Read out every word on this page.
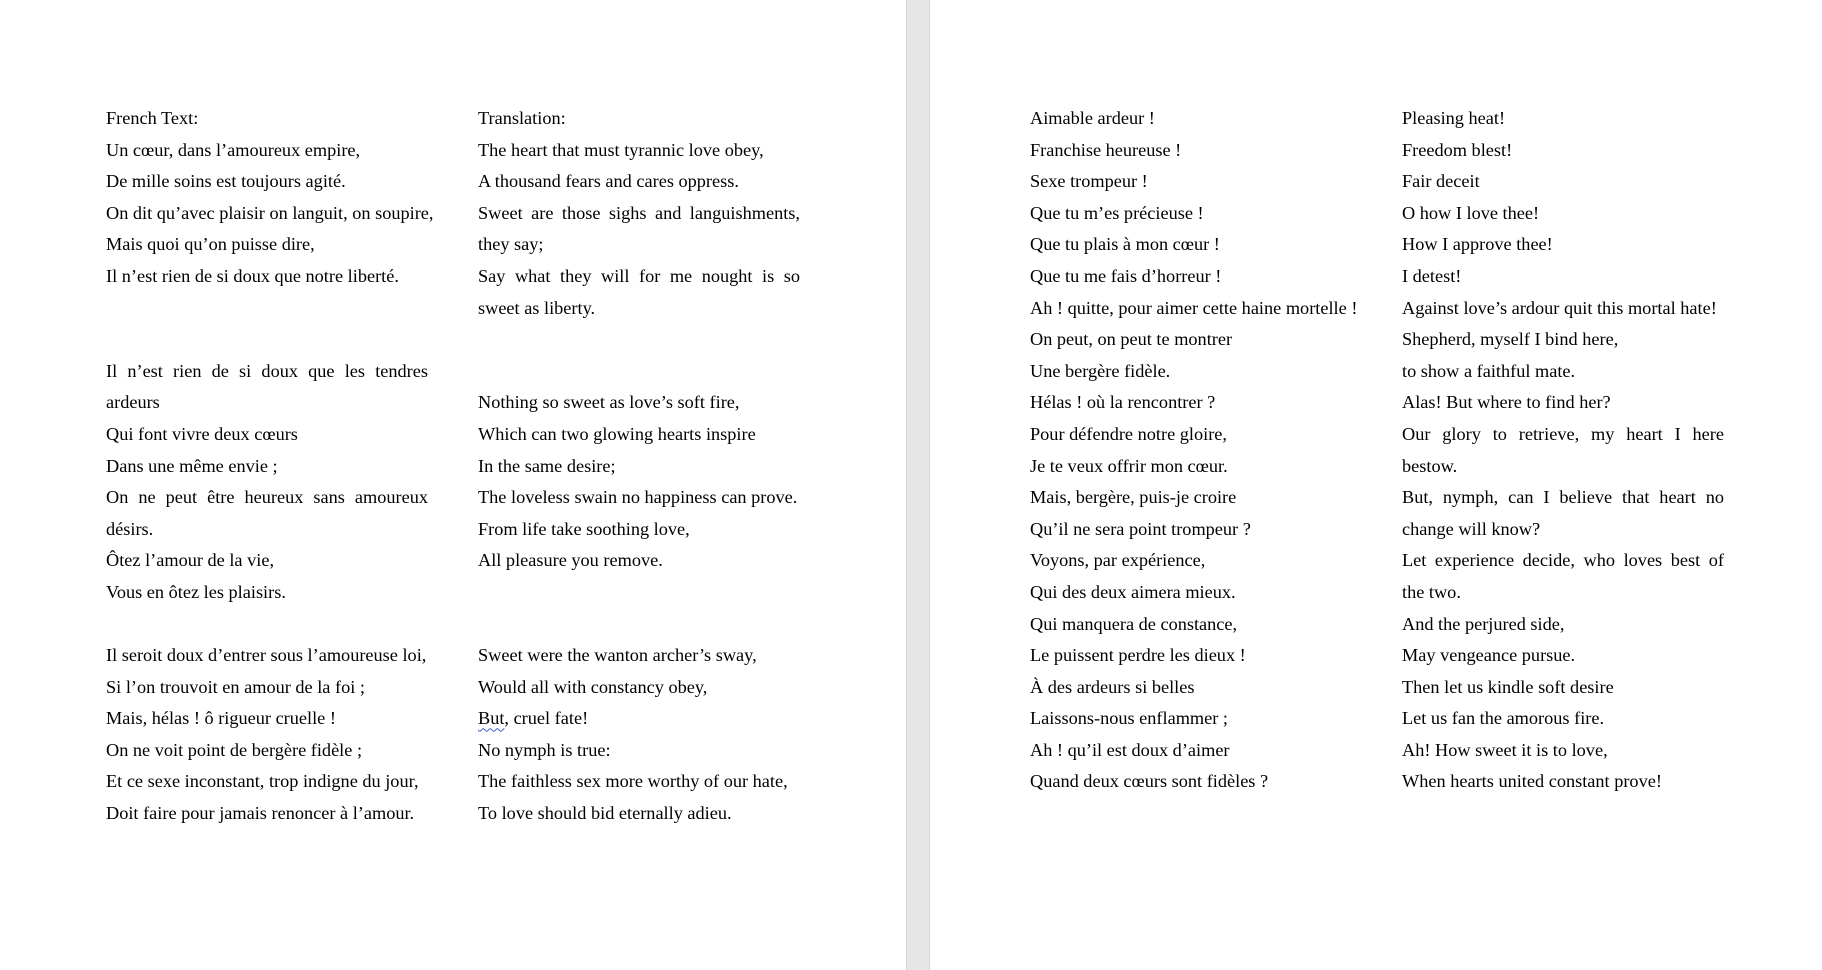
French Text:
Un cœur, dans l’amoureux empire,
De mille soins est toujours agité.
On dit qu’avec plaisir on languit, on soupire,
Mais quoi qu’on puisse dire,
Il n’est rien de si doux que notre liberté.
Il n’est rien de si doux que les tendres ardeurs
Qui font vivre deux cœurs
Dans une même envie ;
On ne peut être heureux sans amoureux désirs.
Ôtez l’amour de la vie,
Vous en ôtez les plaisirs.
Il seroit doux d’entrer sous l’amoureuse loi,
Si l’on trouvoit en amour de la foi ;
Mais, hélas ! ô rigueur cruelle !
On ne voit point de bergère fidèle ;
Et ce sexe inconstant, trop indigne du jour,
Doit faire pour jamais renoncer à l’amour.
Translation:
The heart that must tyrannic love obey,
A thousand fears and cares oppress.
Sweet are those sighs and languishments, they say;
Say what they will for me nought is so sweet as liberty.
Nothing so sweet as love’s soft fire,
Which can two glowing hearts inspire
In the same desire;
The loveless swain no happiness can prove.
From life take soothing love,
All pleasure you remove.
Sweet were the wanton archer’s sway,
Would all with constancy obey,
But, cruel fate!
No nymph is true:
The faithless sex more worthy of our hate,
To love should bid eternally adieu.
Aimable ardeur !
Franchise heureuse !
Sexe trompeur !
Que tu m’es précieuse !
Que tu plais à mon cœur !
Que tu me fais d’horreur !
Ah ! quitte, pour aimer cette haine mortelle !
On peut, on peut te montrer
Une bergère fidèle.
Hélas ! où la rencontrer ?
Pour défendre notre gloire,
Je te veux offrir mon cœur.
Mais, bergère, puis-je croire
Qu’il ne sera point trompeur ?
Voyons, par expérience,
Qui des deux aimera mieux.
Qui manquera de constance,
Le puissent perdre les dieux !
À des ardeurs si belles
Laissons-nous enflammer ;
Ah ! qu’il est doux d’aimer
Quand deux cœurs sont fidèles ?
Pleasing heat!
Freedom blest!
Fair deceit
O how I love thee!
How I approve thee!
I detest!
Against love’s ardour quit this mortal hate!
Shepherd, myself I bind here,
to show a faithful mate.
Alas! But where to find her?
Our glory to retrieve, my heart I here bestow.
But, nymph, can I believe that heart no change will know?
Let experience decide, who loves best of the two.
And the perjured side,
May vengeance pursue.
Then let us kindle soft desire
Let us fan the amorous fire.
Ah! How sweet it is to love,
When hearts united constant prove!
